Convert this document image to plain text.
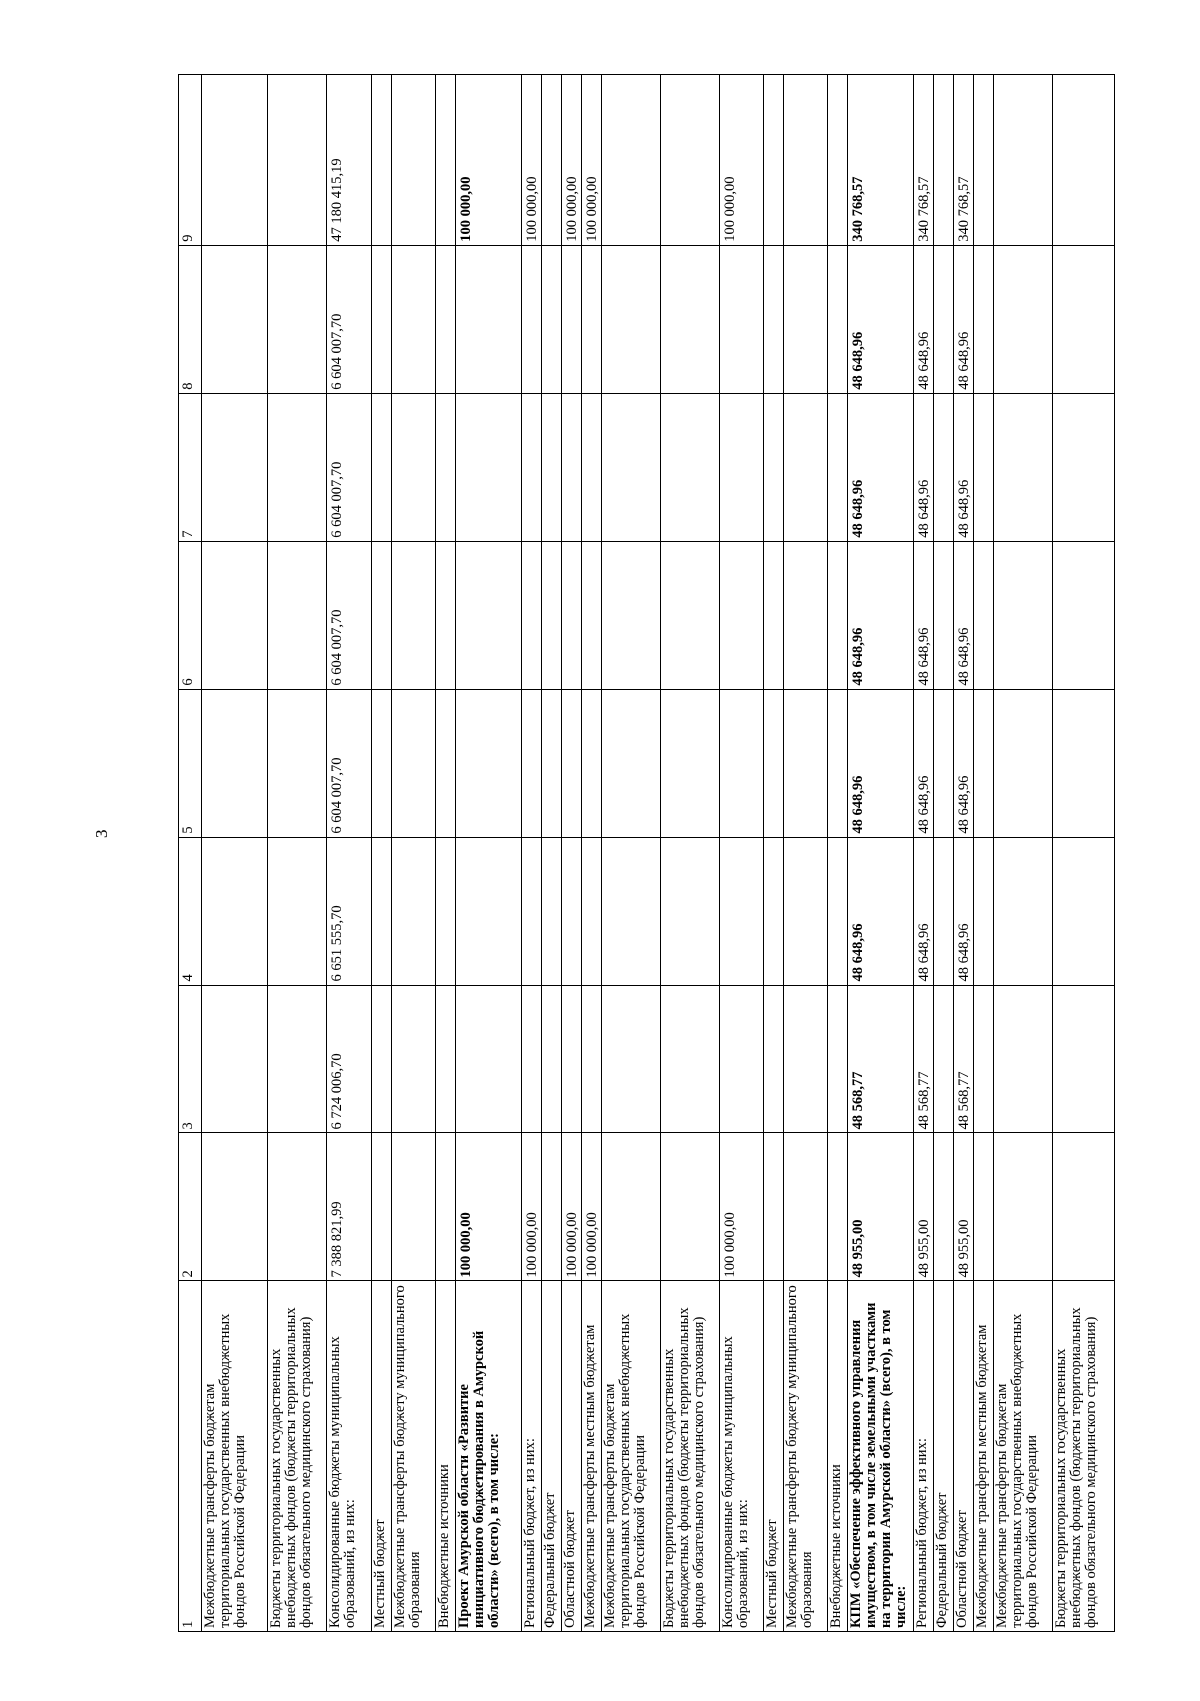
3
1	2	3	4	5	6	7	8	9
Межбюджетные трансферты бюджетам территориальных государственных внебюджетных фондов Российской Федерации								
Бюджеты территориальных государственных внебюджетных фондов (бюджеты территориальных фондов обязательного медицинского страхования)								
Консолидированные бюджеты муниципальных образований, из них:	7 388 821,99	6 724 006,70	6 651 555,70	6 604 007,70	6 604 007,70	6 604 007,70	6 604 007,70	47 180 415,19
Местный бюджет								
Межбюджетные трансферты бюджету муниципального образования								
Внебюджетные источники								
Проект Амурской области «Развитие инициативного бюджетирования в Амурской области» (всего), в том числе:	100 000,00							100 000,00
Региональный бюджет, из них:	100 000,00							100 000,00
Федеральный бюджет								
Областной бюджет	100 000,00							100 000,00
Межбюджетные трансферты местным бюджетам	100 000,00							100 000,00
Межбюджетные трансферты бюджетам территориальных государственных внебюджетных фондов Российской Федерации								
Бюджеты территориальных государственных внебюджетных фондов (бюджеты территориальных фондов обязательного медицинского страхования)								
Консолидированные бюджеты муниципальных образований, из них:	100 000,00							100 000,00
Местный бюджет								
Межбюджетные трансферты бюджету муниципального образования								
Внебюджетные источники								
КПМ «Обеспечение эффективного управления имуществом, в том числе земельными участками на территории Амурской области» (всего), в том числе:	48 955,00	48 568,77	48 648,96	48 648,96	48 648,96	48 648,96	48 648,96	340 768,57
Региональный бюджет, из них:	48 955,00	48 568,77	48 648,96	48 648,96	48 648,96	48 648,96	48 648,96	340 768,57
Федеральный бюджет								
Областной бюджет	48 955,00	48 568,77	48 648,96	48 648,96	48 648,96	48 648,96	48 648,96	340 768,57
Межбюджетные трансферты местным бюджетам								
Межбюджетные трансферты бюджетам территориальных государственных внебюджетных фондов Российской Федерации								
Бюджеты территориальных государственных внебюджетных фондов (бюджеты территориальных фондов обязательного медицинского страхования)								
